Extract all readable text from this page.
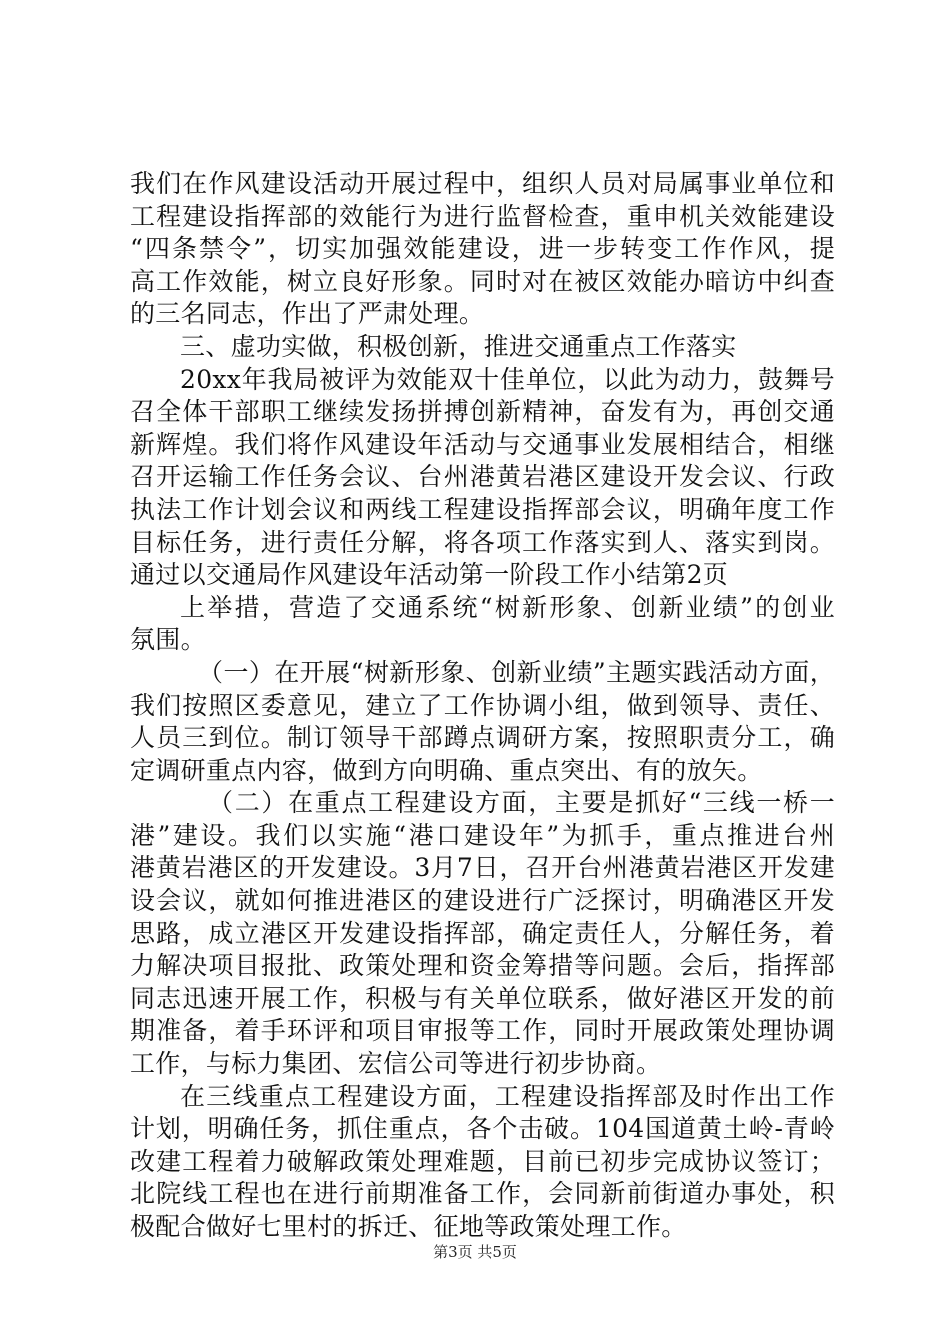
我们在作风建设活动开展过程中，组织人员对局属事业单位和
工程建设指挥部的效能行为进行监督检查，重申机关效能建设
“四条禁令”，切实加强效能建设，进一步转变工作作风，提
高工作效能，树立良好形象。同时对在被区效能办暗访中纠查
的三名同志，作出了严肃处理。
三、虚功实做，积极创新，推进交通重点工作落实
20xx年我局被评为效能双十佳单位，以此为动力，鼓舞号
召全体干部职工继续发扬拼搏创新精神，奋发有为，再创交通
新辉煌。我们将作风建设年活动与交通事业发展相结合，相继
召开运输工作任务会议、台州港黄岩港区建设开发会议、行政
执法工作计划会议和两线工程建设指挥部会议，明确年度工作
目标任务，进行责任分解，将各项工作落实到人、落实到岗。
通过以交通局作风建设年活动第一阶段工作小结第2页
上举措，营造了交通系统“树新形象、创新业绩”的创业
氛围。
（一）在开展“树新形象、创新业绩”主题实践活动方面，
我们按照区委意见，建立了工作协调小组，做到领导、责任、
人员三到位。制订领导干部蹲点调研方案，按照职责分工，确
定调研重点内容，做到方向明确、重点突出、有的放矢。
（二）在重点工程建设方面，主要是抓好“三线一桥一
港”建设。我们以实施“港口建设年”为抓手，重点推进台州
港黄岩港区的开发建设。3月7日，召开台州港黄岩港区开发建
设会议，就如何推进港区的建设进行广泛探讨，明确港区开发
思路，成立港区开发建设指挥部，确定责任人，分解任务，着
力解决项目报批、政策处理和资金筹措等问题。会后，指挥部
同志迅速开展工作，积极与有关单位联系，做好港区开发的前
期准备，着手环评和项目审报等工作，同时开展政策处理协调
工作，与标力集团、宏信公司等进行初步协商。
在三线重点工程建设方面，工程建设指挥部及时作出工作
计划，明确任务，抓住重点，各个击破。104国道黄土岭-青岭
改建工程着力破解政策处理难题，目前已初步完成协议签订；
北院线工程也在进行前期准备工作，会同新前街道办事处，积
极配合做好七里村的拆迁、征地等政策处理工作。
第3页 共5页
